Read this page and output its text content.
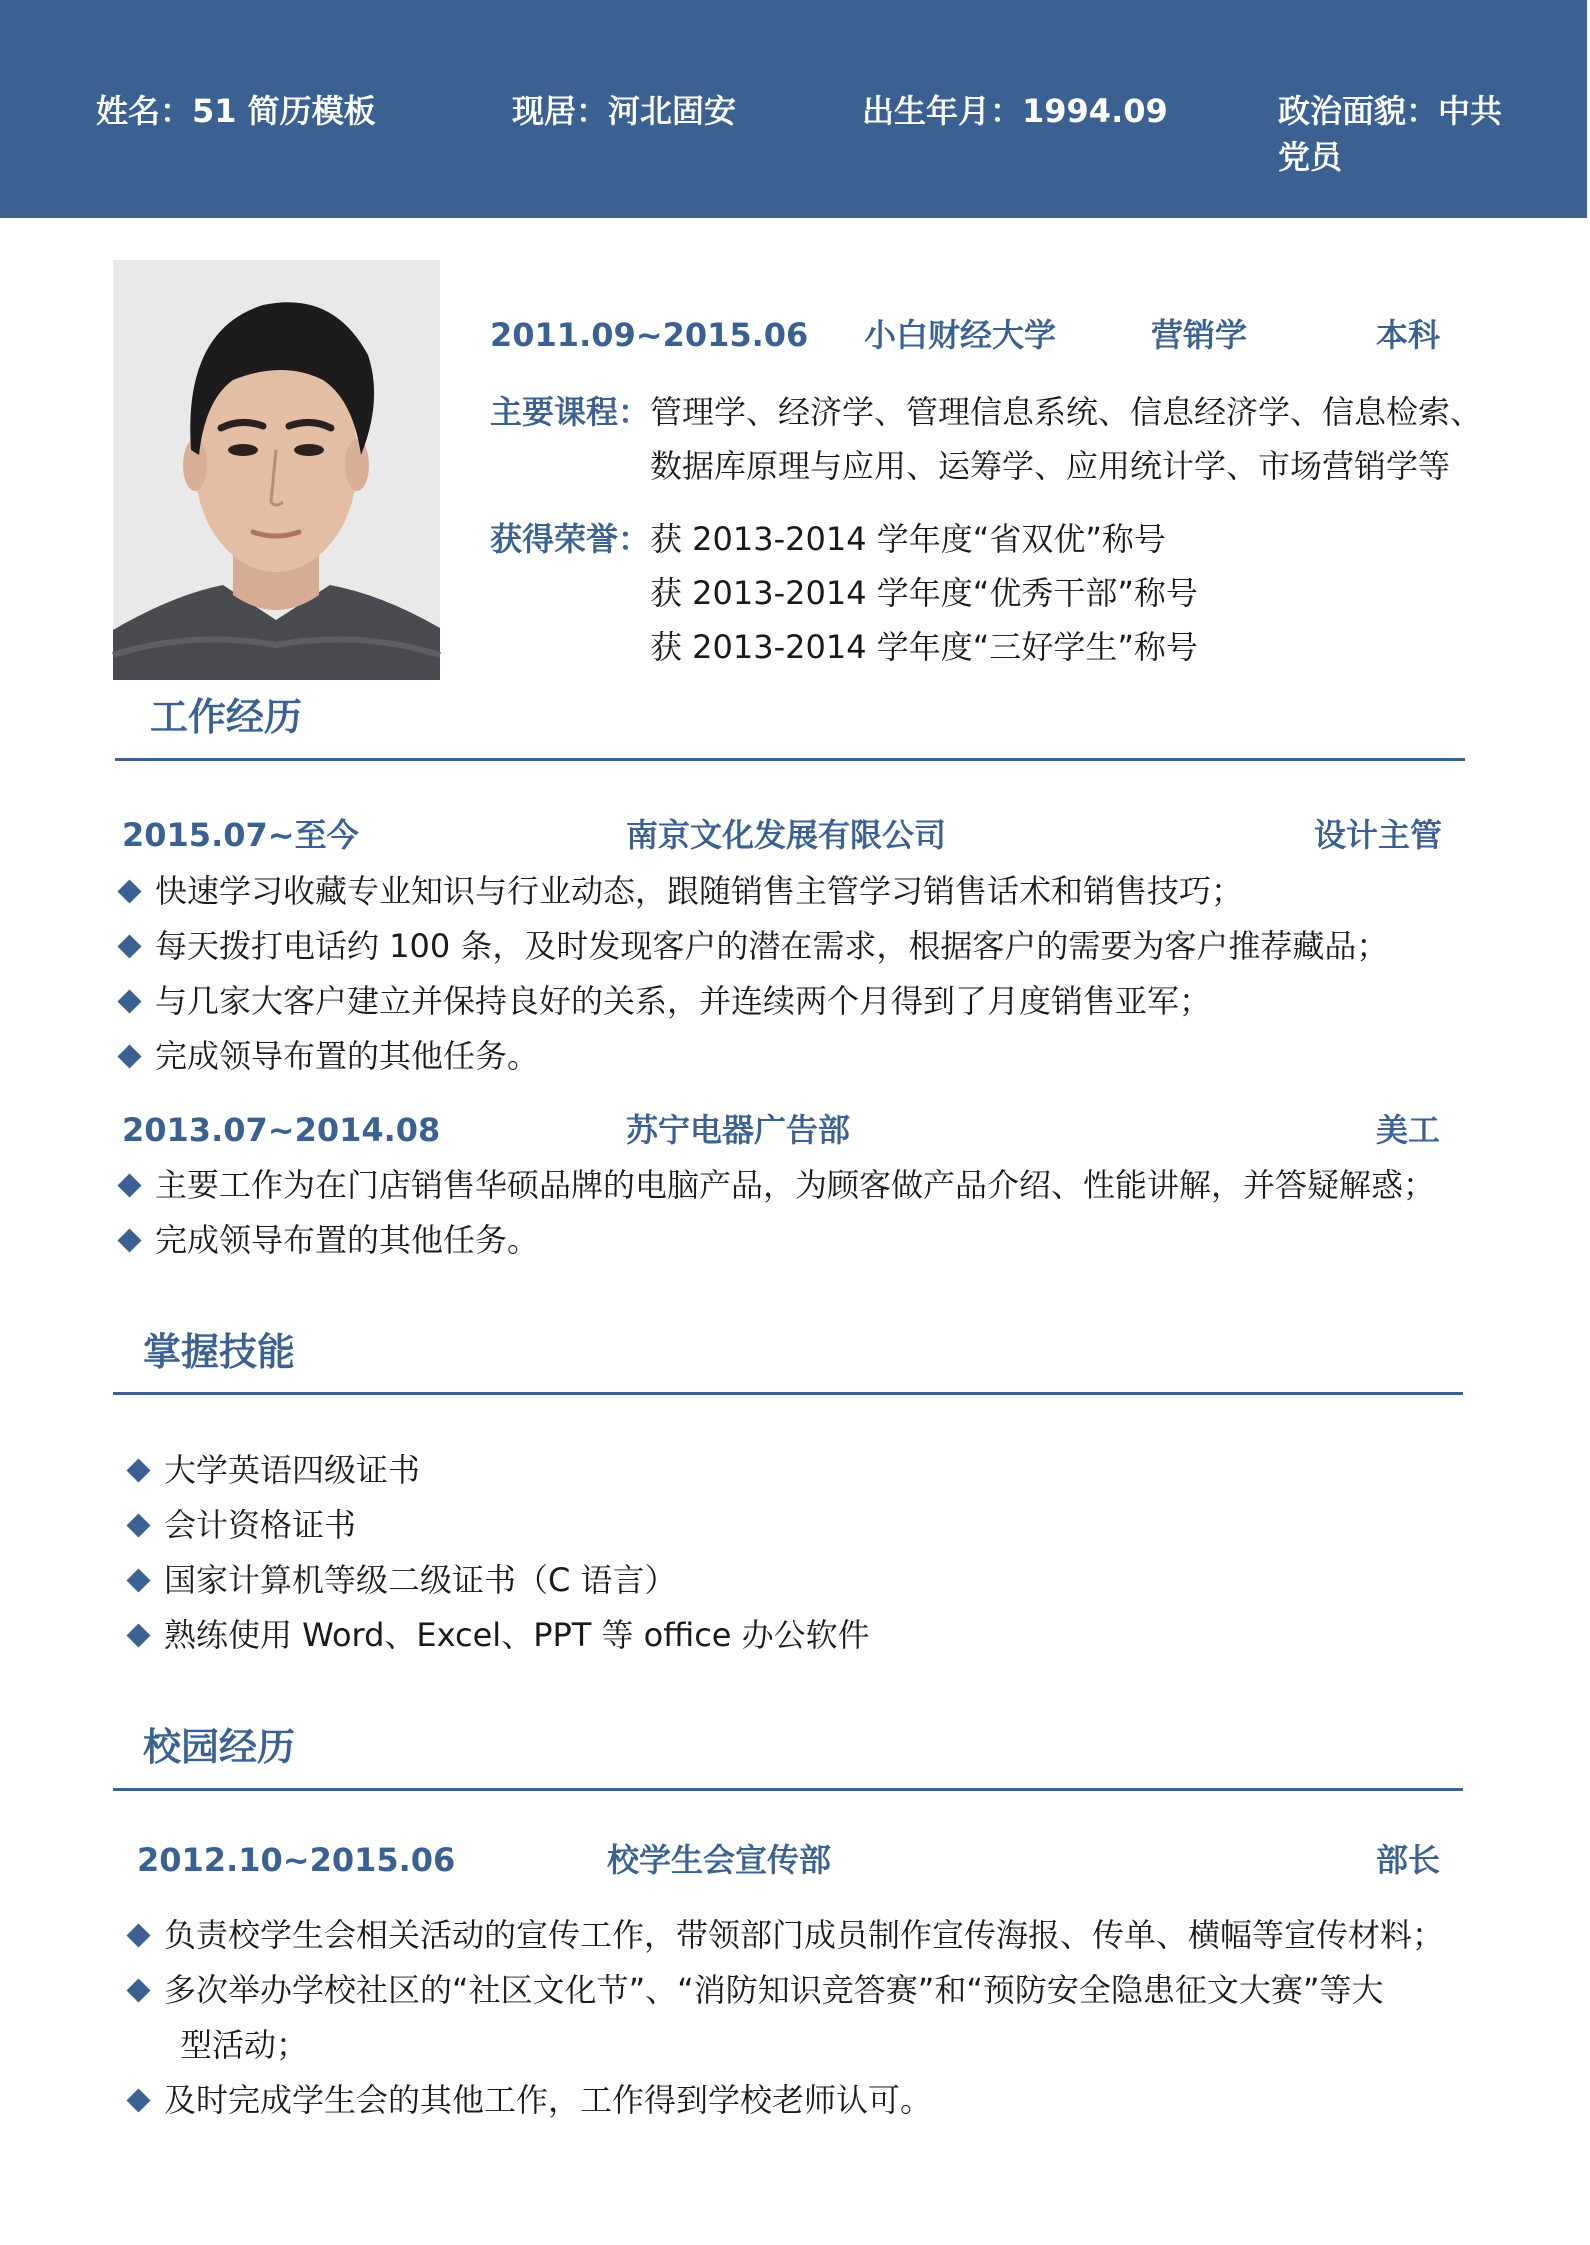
姓名：51 简历模板	现居：河北固安	出生年月：1994.09	政治面貌：中共党员
2011.09~2015.06 小白财经大学	营销学	本科
主要课程： 管理学、经济学、管理信息系统、信息经济学、信息检索、
数据库原理与应用、运筹学、应用统计学、市场营销学等
获得荣誉： 获 2013-2014 学年度“省双优”称号
获 2013-2014 学年度“优秀干部”称号
获 2013-2014 学年度“三好学生”称号
工作经历
2015.07~至今	南京文化发展有限公司	设计主管
快速学习收藏专业知识与行业动态，跟随销售主管学习销售话术和销售技巧；
每天拨打电话约 100 条，及时发现客户的潜在需求，根据客户的需要为客户推荐藏品；
与几家大客户建立并保持良好的关系，并连续两个月得到了月度销售亚军；
完成领导布置的其他任务。
2013.07~2014.08	苏宁电器广告部	美工
主要工作为在门店销售华硕品牌的电脑产品，为顾客做产品介绍、性能讲解，并答疑解惑；
完成领导布置的其他任务。
掌握技能
大学英语四级证书
会计资格证书
国家计算机等级二级证书（C 语言）
熟练使用 Word、Excel、PPT 等 office 办公软件
校园经历
2012.10~2015.06	校学生会宣传部	部长
负责校学生会相关活动的宣传工作，带领部门成员制作宣传海报、传单、横幅等宣传材料；
多次举办学校社区的“社区文化节”、“消防知识竞答赛”和“预防安全隐患征文大赛”等大
型活动；
及时完成学生会的其他工作，工作得到学校老师认可。
